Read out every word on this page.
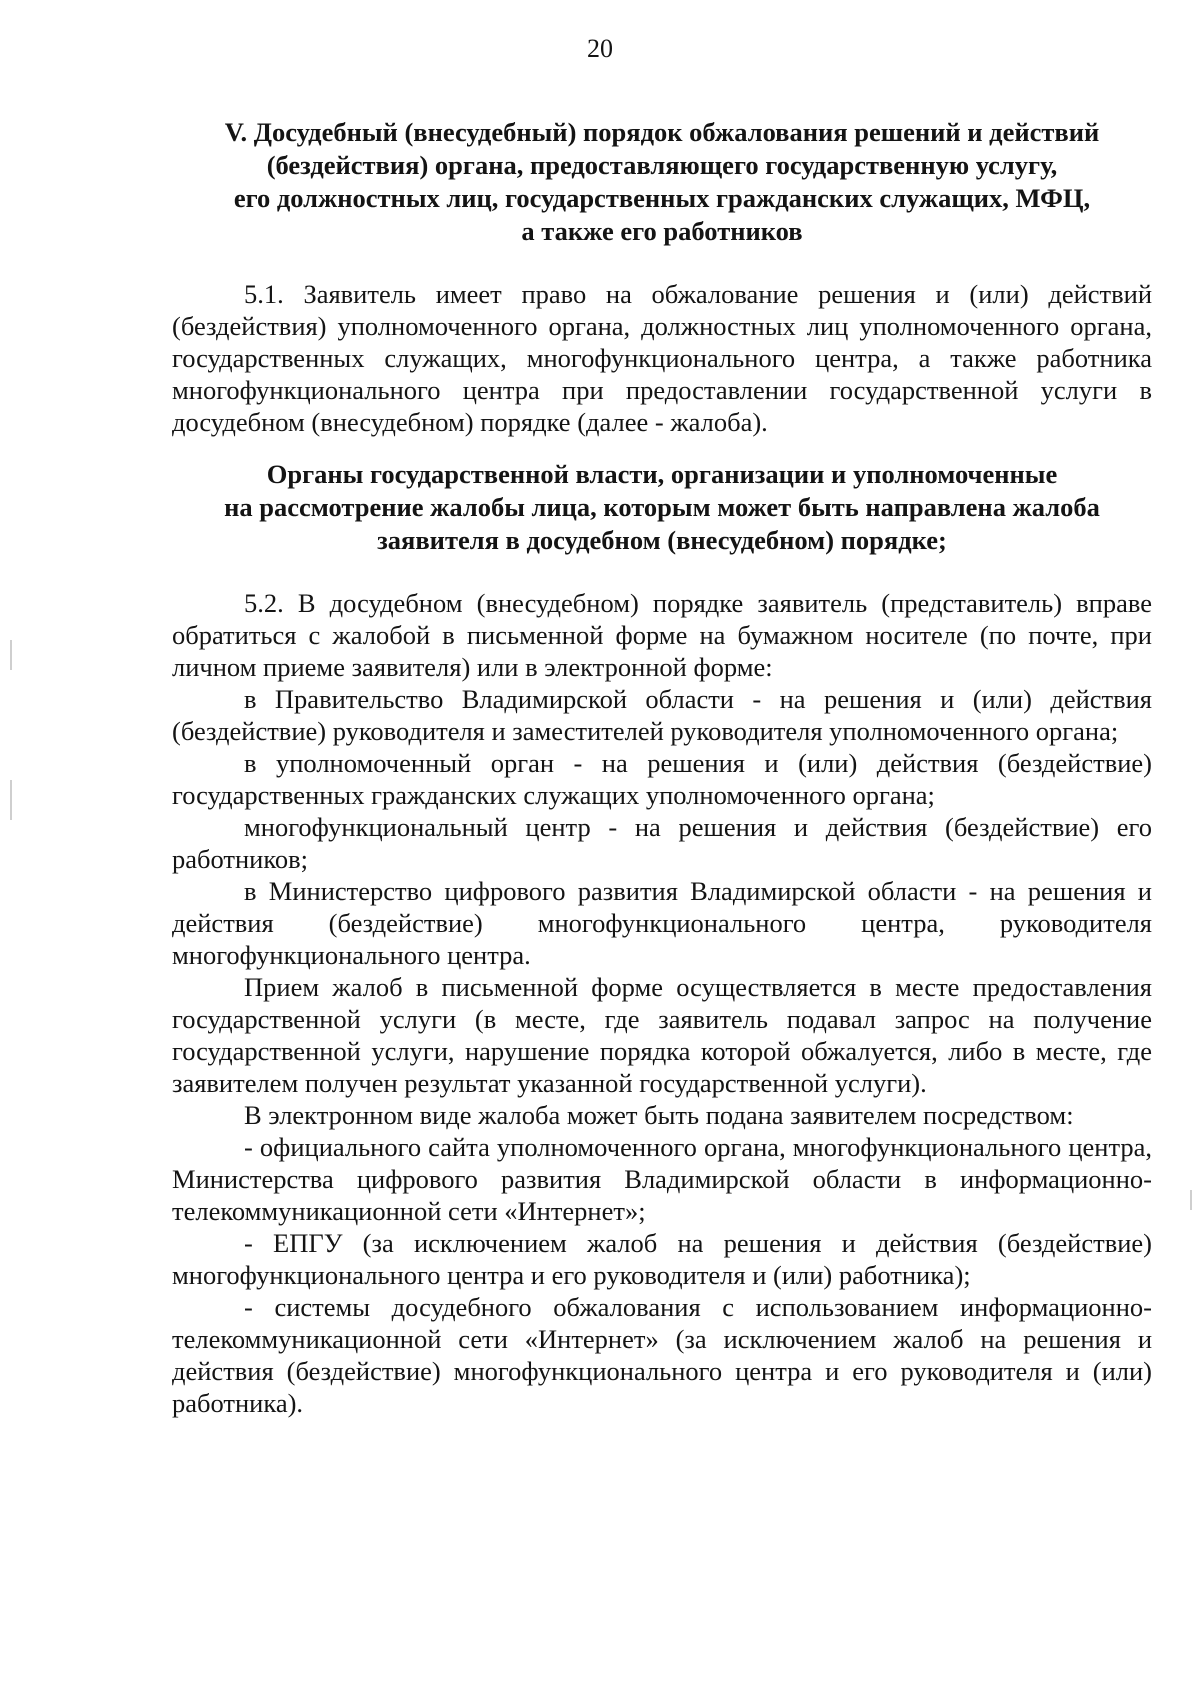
20
V. Досудебный (внесудебный) порядок обжалования решений и действий
(бездействия) органа, предоставляющего государственную услугу,
его должностных лиц, государственных гражданских служащих, МФЦ,
а также его работников

5.1. Заявитель имеет право на обжалование решения и (или) действий (бездействия) уполномоченного органа, должностных лиц уполномоченного органа, государственных служащих, многофункционального центра, а также работника многофункционального центра при предоставлении государственной услуги в досудебном (внесудебном) порядке (далее - жалоба).

Органы государственной власти, организации и уполномоченные
на рассмотрение жалобы лица, которым может быть направлена жалоба
заявителя в досудебном (внесудебном) порядке;

5.2. В досудебном (внесудебном) порядке заявитель (представитель) вправе обратиться с жалобой в письменной форме на бумажном носителе (по почте, при личном приеме заявителя) или в электронной форме:

в Правительство Владимирской области - на решения и (или) действия (бездействие) руководителя и заместителей руководителя уполномоченного органа;

в уполномоченный орган - на решения и (или) действия (бездействие) государственных гражданских служащих уполномоченного органа;

многофункциональный центр - на решения и действия (бездействие) его работников;

в Министерство цифрового развития Владимирской области - на решения и действия (бездействие) многофункционального центра, руководителя многофункционального центра.

Прием жалоб в письменной форме осуществляется в месте предоставления государственной услуги (в месте, где заявитель подавал запрос на получение государственной услуги, нарушение порядка которой обжалуется, либо в месте, где заявителем получен результат указанной государственной услуги).

В электронном виде жалоба может быть подана заявителем посредством:

- официального сайта уполномоченного органа, многофункционального центра, Министерства цифрового развития Владимирской области в информационно-телекоммуникационной сети «Интернет»;

- ЕПГУ (за исключением жалоб на решения и действия (бездействие) многофункционального центра и его руководителя и (или) работника);

- системы досудебного обжалования с использованием информационно-телекоммуникационной сети «Интернет» (за исключением жалоб на решения и действия (бездействие) многофункционального центра и его руководителя и (или) работника).
